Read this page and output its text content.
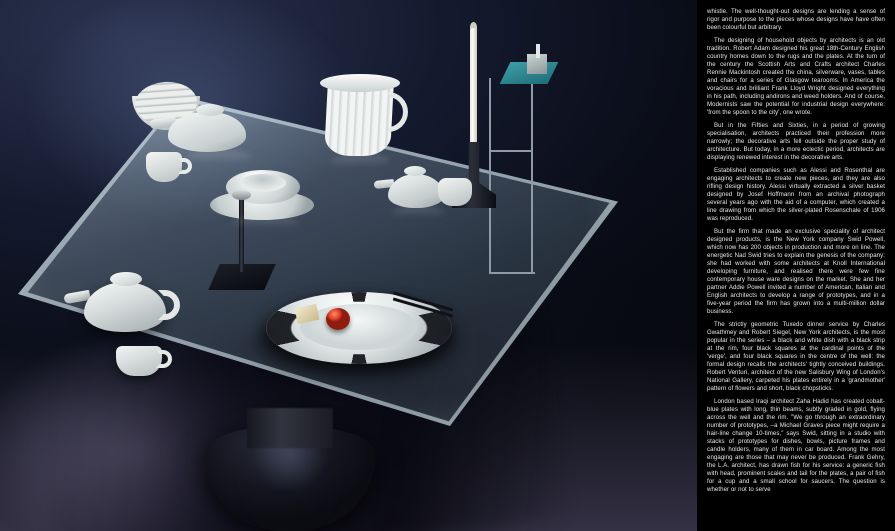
whistle. The well-thought-out designs are lending a sense of rigor and purpose to the pieces whose designs have have often been colourful but arbitrary.

The designing of household objects by architects is an old tradition. Robert Adam designed his great 18th-Century English country homes down to the rugs and the plates. At the turn of the century the Scottish Arts and Crafts architect Charles Rennie Mackintosh created the china, silverware, vases, tables and chairs for a series of Glasgow tearooms. In America the voracious and brilliant Frank Lloyd Wright designed everything in his path, including andirons and weed holders. And of course, Modernists saw the potential for industrial design everywhere: 'from the spoon to the city', one wrote.

But in the Fifties and Sixties, in a period of growing specialisation, architects practiced their profession more narrowly; the decorative arts fell outside the proper study of architecture. But today, in a more eclectic period, architects are displaying renewed interest in the decorative arts.

Established companies such as Alessi and Rosenthal are engaging architects to create new pieces, and they are also rifling design history. Alessi virtually extracted a silver basket designed by Josef Hoffmann from an archival photograph several years ago with the aid of a computer, which created a line drawing from which the silver-plated Rosenschale of 1906 was reproduced.

But the firm that made an exclusive speciality of architect designed products, is the New York company Swid Powell, which now has 200 objects in production and more on line. The energetic Nad Swid tries to explain the genesis of the company: she had worked with some architects at Knoll International developing furniture, and realised there were few fine contemporary house ware designs on the market. She and her partner Addie Powell invited a number of American, Italian and English architects to develop a range of prototypes, and in a five-year period the firm has grown into a multi-million dollar business.

The strictly geometric Tuxedo dinner service by Charles Gwathmey and Robert Siegel, New York architects, is the most popular in the series – a black and white dish with a black strip at the rim, four black squares at the cardinal points of the 'verge', and four black squares in the centre of the well: the formal design recalls the architects' tightly conceived buildings. Robert Venturi, architect of the new Salisbury Wing of London's National Gallery, carpeted his plates entirely in a 'grandmother' pattern of flowers and short, black chopsticks.

London based Iraqi architect Zaha Hadid has created cobalt-blue plates with long, thin beams, subtly graded in gold, flying across the well and the rim. "We go through an extraordinary number of prototypes, –a Michael Graves piece might require a hair-line change 10-times," says Swid, sitting in a studio with stacks of prototypes for dishes, bowls, picture frames and candle holders, many of them in car board. Among the most engaging are those that may never be produced. Frank Gehry, the L.A. architect, has drawn fish for his service: a generic fish with head, prominent scales and tail for the plates, a pair of fish for a cup and a small school for saucers. The question is whether or not to serve
